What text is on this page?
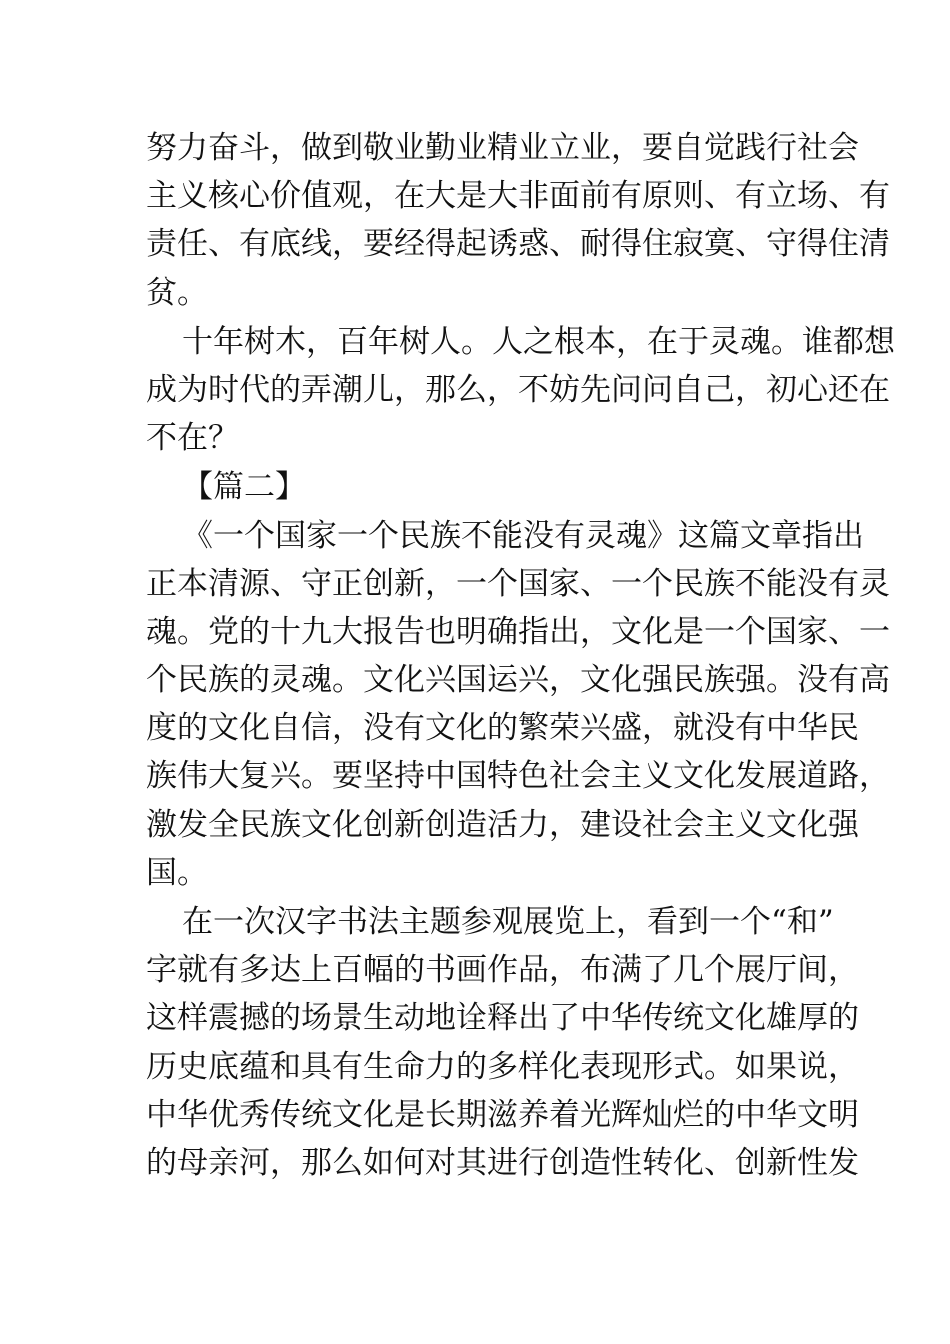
努力奋斗，做到敬业勤业精业立业，要自觉践行社会
主义核心价值观，在大是大非面前有原则、有立场、有
责任、有底线，要经得起诱惑、耐得住寂寞、守得住清
贫。
十年树木，百年树人。人之根本，在于灵魂。谁都想
成为时代的弄潮儿，那么，不妨先问问自己，初心还在
不在？
【篇二】
《一个国家一个民族不能没有灵魂》这篇文章指出
正本清源、守正创新，一个国家、一个民族不能没有灵
魂。党的十九大报告也明确指出，文化是一个国家、一
个民族的灵魂。文化兴国运兴，文化强民族强。没有高
度的文化自信，没有文化的繁荣兴盛，就没有中华民
族伟大复兴。要坚持中国特色社会主义文化发展道路，
激发全民族文化创新创造活力，建设社会主义文化强
国。
在一次汉字书法主题参观展览上，看到一个“和”
字就有多达上百幅的书画作品，布满了几个展厅间，
这样震撼的场景生动地诠释出了中华传统文化雄厚的
历史底蕴和具有生命力的多样化表现形式。如果说，
中华优秀传统文化是长期滋养着光辉灿烂的中华文明
的母亲河，那么如何对其进行创造性转化、创新性发
